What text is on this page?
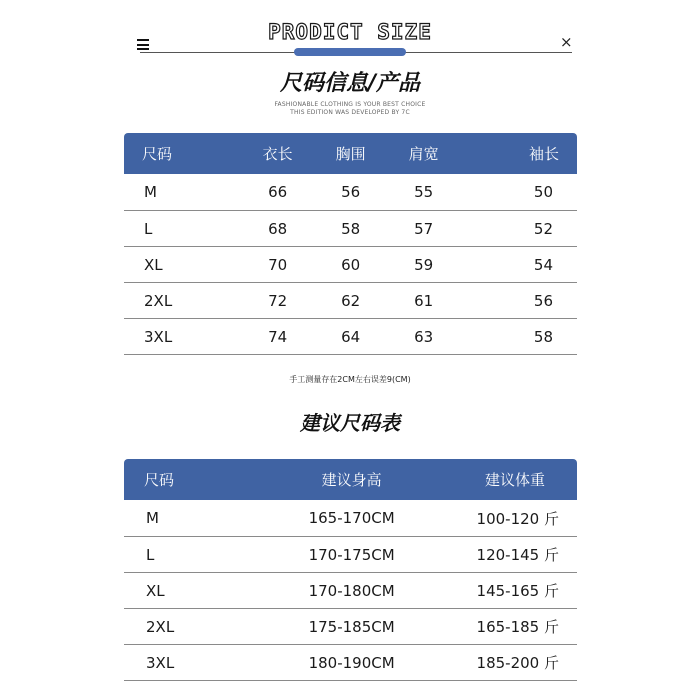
PRODICT SIZE	×
尺码信息/产品
FASHIONABLE CLOTHING IS YOUR BEST CHOICE
THIS EDITION WAS DEVELOPED BY 7C
尺码	衣长	胸围	肩宽	袖长
M	66	56	55	50
L	68	58	57	52
XL	70	60	59	54
2XL	72	62	61	56
3XL	74	64	63	58
手工测量存在2CM左右误差9(CM)
建议尺码表
尺码	建议身高	建议体重
M	165-170CM	100-120 斤
L	170-175CM	120-145 斤
XL	170-180CM	145-165 斤
2XL	175-185CM	165-185 斤
3XL	180-190CM	185-200 斤
